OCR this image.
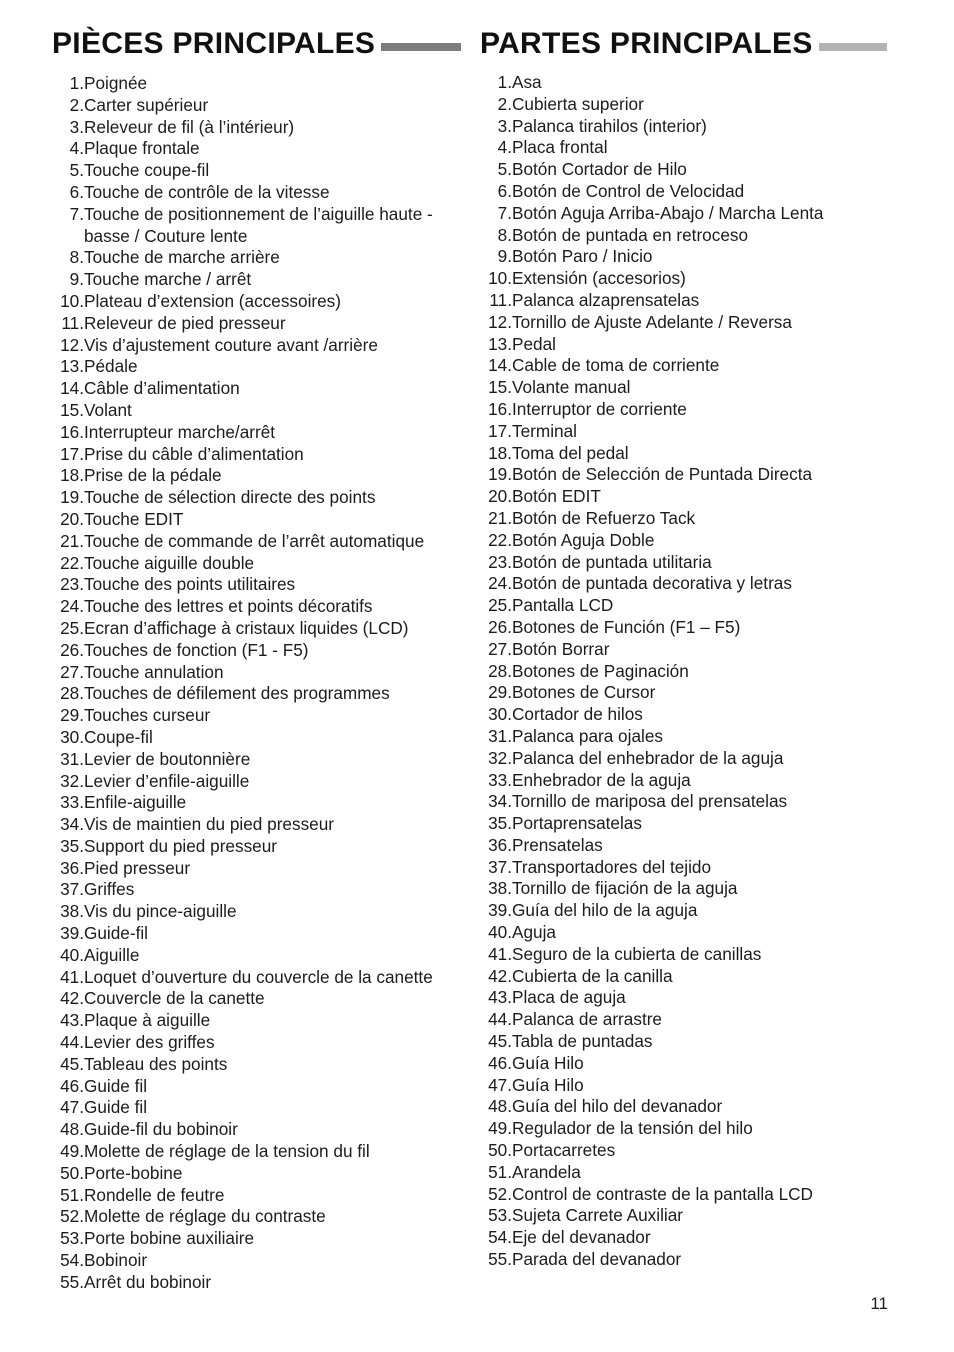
PIÈCES PRINCIPALES
1. Poignée
2. Carter supérieur
3. Releveur de fil (à l’intérieur)
4. Plaque frontale
5. Touche coupe-fil
6. Touche de contrôle de la vitesse
7. Touche de positionnement de l’aiguille haute - basse / Couture lente
8. Touche de marche arrière
9. Touche marche / arrêt
10. Plateau d’extension (accessoires)
11. Releveur de pied presseur
12. Vis d’ajustement couture avant /arrière
13. Pédale
14. Câble d’alimentation
15. Volant
16. Interrupteur marche/arrêt
17. Prise du câble d’alimentation
18. Prise de la pédale
19. Touche de sélection directe des points
20. Touche EDIT
21. Touche de commande de l’arrêt automatique
22. Touche aiguille double
23. Touche des points utilitaires
24. Touche des lettres et points décoratifs
25. Ecran d’affichage à cristaux liquides (LCD)
26. Touches de fonction (F1 - F5)
27. Touche annulation
28. Touches de défilement des programmes
29. Touches curseur
30. Coupe-fil
31. Levier de boutonnière
32. Levier d’enfile-aiguille
33. Enfile-aiguille
34. Vis de maintien du pied presseur
35. Support du pied presseur
36. Pied presseur
37. Griffes
38. Vis du pince-aiguille
39. Guide-fil
40. Aiguille
41. Loquet d’ouverture du couvercle de la canette
42. Couvercle de la canette
43. Plaque à aiguille
44. Levier des griffes
45. Tableau des points
46. Guide fil
47. Guide fil
48. Guide-fil du bobinoir
49. Molette de réglage de la tension du fil
50. Porte-bobine
51. Rondelle de feutre
52. Molette de réglage du contraste
53. Porte bobine auxiliaire
54. Bobinoir
55. Arrêt du bobinoir
PARTES PRINCIPALES
1. Asa
2. Cubierta superior
3. Palanca tirahilos (interior)
4. Placa frontal
5. Botón Cortador de Hilo
6. Botón de Control de Velocidad
7. Botón Aguja Arriba-Abajo / Marcha Lenta
8. Botón de puntada en retroceso
9. Botón Paro / Inicio
10. Extensión (accesorios)
11. Palanca alzaprensatelas
12. Tornillo de Ajuste Adelante / Reversa
13. Pedal
14. Cable de toma de corriente
15. Volante manual
16. Interruptor de corriente
17. Terminal
18. Toma del pedal
19. Botón de Selección de Puntada Directa
20. Botón EDIT
21. Botón de Refuerzo Tack
22. Botón Aguja Doble
23. Botón de puntada utilitaria
24. Botón de puntada decorativa y letras
25. Pantalla LCD
26. Botones de Función (F1 – F5)
27. Botón Borrar
28. Botones de Paginación
29. Botones de Cursor
30. Cortador de hilos
31. Palanca para ojales
32. Palanca del enhebrador de la aguja
33. Enhebrador de la aguja
34. Tornillo de mariposa del prensatelas
35. Portaprensatelas
36. Prensatelas
37. Transportadores del tejido
38. Tornillo de fijación de la aguja
39. Guía del hilo de la aguja
40. Aguja
41. Seguro de la cubierta de canillas
42. Cubierta de la canilla
43. Placa de aguja
44. Palanca de arrastre
45. Tabla de puntadas
46. Guía Hilo
47. Guía Hilo
48. Guía del hilo del devanador
49. Regulador de la tensión del hilo
50. Portacarretes
51. Arandela
52. Control de contraste de la pantalla LCD
53. Sujeta Carrete Auxiliar
54. Eje del devanador
55. Parada del devanador
11
